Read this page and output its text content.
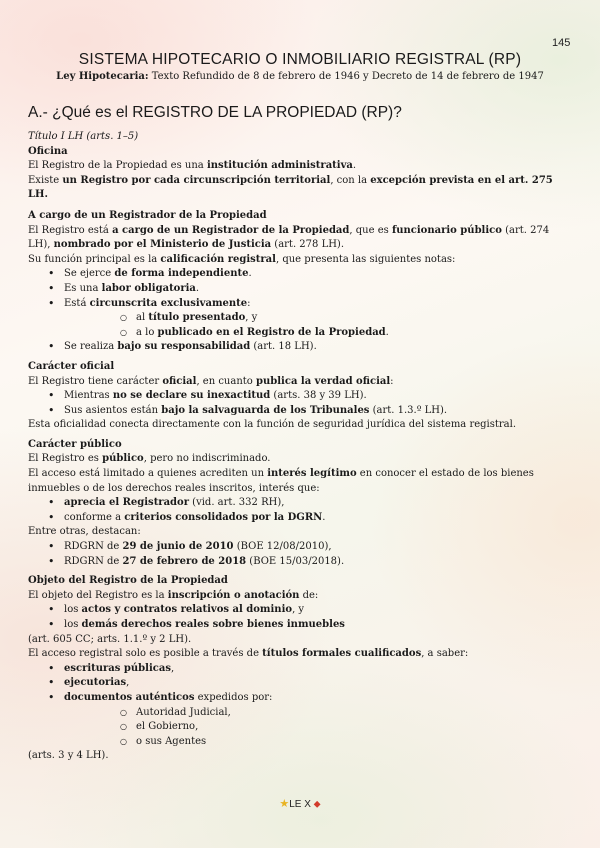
145
SISTEMA HIPOTECARIO O INMOBILIARIO REGISTRAL (RP)
Ley Hipotecaria: Texto Refundido de 8 de febrero de 1946 y Decreto de 14 de febrero de 1947
A.- ¿Qué es el REGISTRO DE LA PROPIEDAD (RP)?

Título I LH (arts. 1–5)

Oficina

El Registro de la Propiedad es una institución administrativa.

Existe un Registro por cada circunscripción territorial, con la excepción prevista en el art. 275 LH.

A cargo de un Registrador de la Propiedad

El Registro está a cargo de un Registrador de la Propiedad, que es funcionario público (art. 274 LH), nombrado por el Ministerio de Justicia (art. 278 LH).

Su función principal es la calificación registral, que presenta las siguientes notas:

• Se ejerce de forma independiente.
• Es una labor obligatoria.
• Está circunscrita exclusivamente:
○ al título presentado, y
○ a lo publicado en el Registro de la Propiedad.
• Se realiza bajo su responsabilidad (art. 18 LH).

Carácter oficial

El Registro tiene carácter oficial, en cuanto publica la verdad oficial:

• Mientras no se declare su inexactitud (arts. 38 y 39 LH).
• Sus asientos están bajo la salvaguarda de los Tribunales (art. 1.3.º LH).

Esta oficialidad conecta directamente con la función de seguridad jurídica del sistema registral.

Carácter público

El Registro es público, pero no indiscriminado.

El acceso está limitado a quienes acrediten un interés legítimo en conocer el estado de los bienes inmuebles o de los derechos reales inscritos, interés que:

• aprecia el Registrador (vid. art. 332 RH),
• conforme a criterios consolidados por la DGRN.

Entre otras, destacan:

• RDGRN de 29 de junio de 2010 (BOE 12/08/2010),
• RDGRN de 27 de febrero de 2018 (BOE 15/03/2018).

Objeto del Registro de la Propiedad

El objeto del Registro es la inscripción o anotación de:

• los actos y contratos relativos al dominio, y
• los demás derechos reales sobre bienes inmuebles

(art. 605 CC; arts. 1.1.º y 2 LH).

El acceso registral solo es posible a través de títulos formales cualificados, a saber:

• escrituras públicas,
• ejecutorias,
• documentos auténticos expedidos por:
○ Autoridad Judicial,
○ el Gobierno,
○ o sus Agentes

(arts. 3 y 4 LH).

★LE X ⬥
